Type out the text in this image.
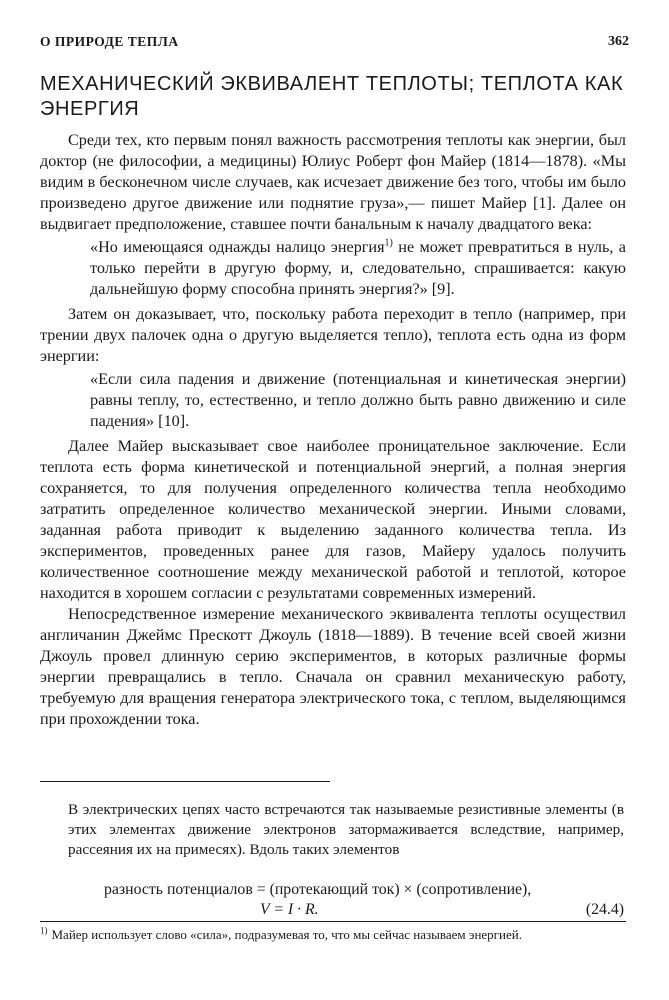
О ПРИРОДЕ ТЕПЛА	362
МЕХАНИЧЕСКИЙ ЭКВИВАЛЕНТ ТЕПЛОТЫ; ТЕПЛОТА КАК ЭНЕРГИЯ

Среди тех, кто первым понял важность рассмотрения теплоты как энергии, был доктор (не философии, а медицины) Юлиус Роберт фон Майер (1814—1878). «Мы видим в бесконечном числе случаев, как исчезает движение без того, чтобы им было произведено другое движение или поднятие груза»,— пишет Майер [1]. Далее он выдвигает предположение, ставшее почти банальным к началу двадцатого века:

«Но имеющаяся однажды налицо энергия$^{1)}$ не может превратиться в нуль, а только перейти в другую форму, и, следовательно, спрашивается: какую дальнейшую форму способна принять энергия?» [9].

Затем он доказывает, что, поскольку работа переходит в тепло (например, при трении двух палочек одна о другую выделяется тепло), теплота есть одна из форм энергии:

«Если сила падения и движение (потенциальная и кинетическая энергии) равны теплу, то, естественно, и тепло должно быть равно движению и силе падения» [10].

Далее Майер высказывает свое наиболее проницательное заключение. Если теплота есть форма кинетической и потенциальной энергий, а полная энергия сохраняется, то для получения определенного количества тепла необходимо затратить определенное количество механической энергии. Иными словами, заданная работа приводит к выделению заданного количества тепла. Из экспериментов, проведенных ранее для газов, Майеру удалось получить количественное соотношение между механической работой и теплотой, которое находится в хорошем согласии с результатами современных измерений.

Непосредственное измерение механического эквивалента теплоты осуществил англичанин Джеймс Прескотт Джоуль (1818—1889). В течение всей своей жизни Джоуль провел длинную серию экспериментов, в которых различные формы энергии превращались в тепло. Сначала он сравнил механическую работу, требуемую для вращения генератора электрического тока, с теплом, выделяющимся при прохождении тока.

В электрических цепях часто встречаются так называемые резистивные элементы (в этих элементах движение электронов затормаживается вследствие, например, рассеяния их на примесях). Вдоль таких элементов

разность потенциалов = (протекающий ток) × (сопротивление),
V = I · R.	(24.4)
$^{1)}$ Майер использует слово «сила», подразумевая то, что мы сейчас называем энергией.
